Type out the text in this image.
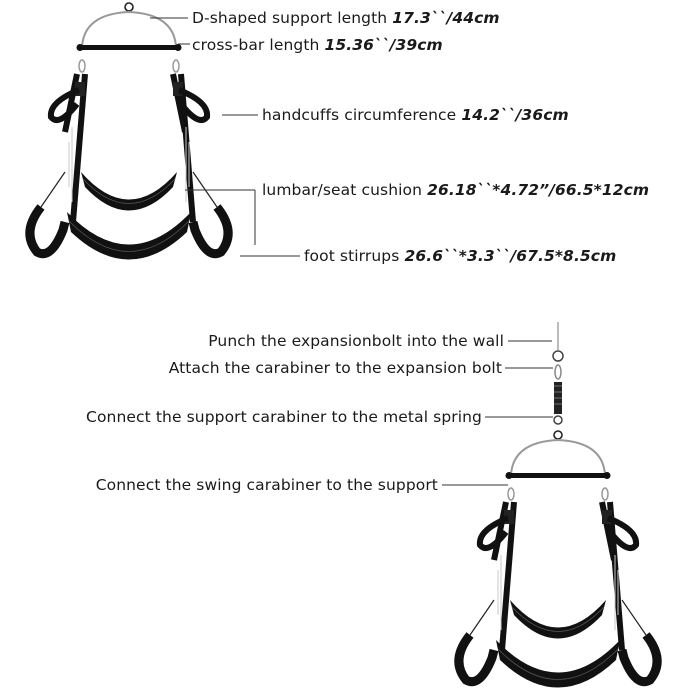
D-shaped support length 17.3``/44cm
cross-bar length 15.36``/39cm
handcuffs circumference 14.2``/36cm
lumbar/seat cushion 26.18``*4.72”/66.5*12cm
foot stirrups 26.6``*3.3``/67.5*8.5cm
Punch the expansionbolt into the wall
Attach the carabiner to the expansion bolt
Connect the support carabiner to the metal spring
Connect the swing carabiner to the support
